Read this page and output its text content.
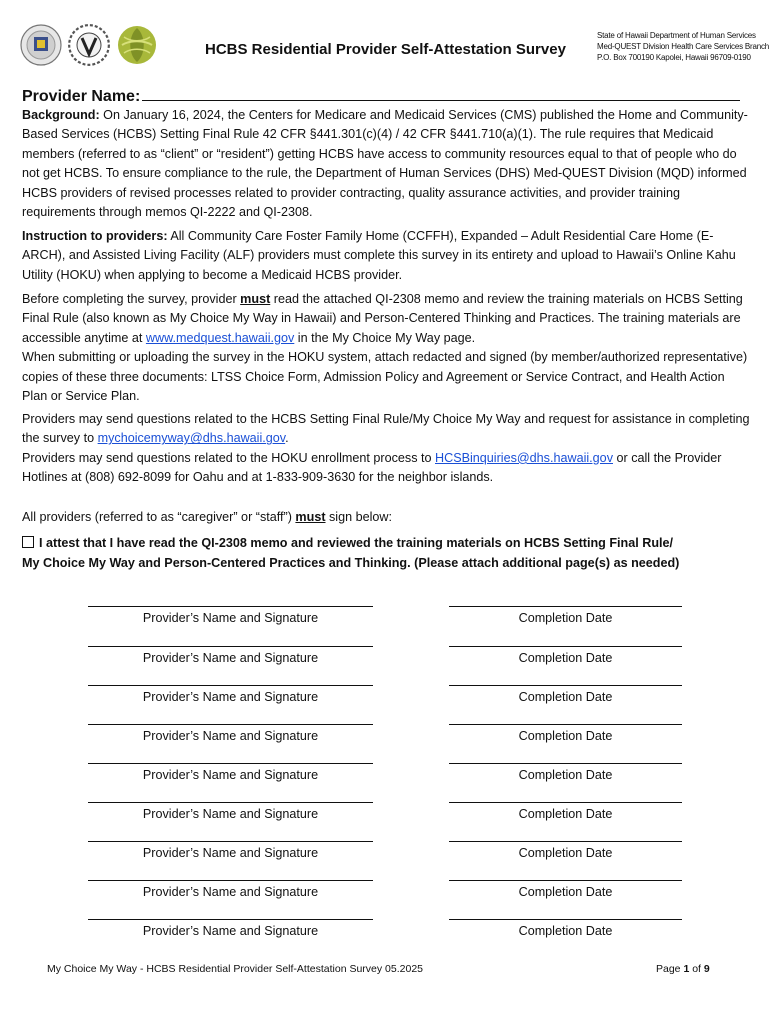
HCBS Residential Provider Self-Attestation Survey
State of Hawaii Department of Human Services
Med-QUEST Division Health Care Services Branch
P.O. Box 700190 Kapolei, Hawaii 96709-0190
Provider Name:
Background: On January 16, 2024, the Centers for Medicare and Medicaid Services (CMS) published the Home and Community-Based Services (HCBS) Setting Final Rule 42 CFR §441.301(c)(4) / 42 CFR §441.710(a)(1). The rule requires that Medicaid members (referred to as “client” or “resident”) getting HCBS have access to community resources equal to that of people who do not get HCBS. To ensure compliance to the rule, the Department of Human Services (DHS) Med-QUEST Division (MQD) informed HCBS providers of revised processes related to provider contracting, quality assurance activities, and provider training requirements through memos QI-2222 and QI-2308.
Instruction to providers: All Community Care Foster Family Home (CCFFH), Expanded – Adult Residential Care Home (E-ARCH), and Assisted Living Facility (ALF) providers must complete this survey in its entirety and upload to Hawaii’s Online Kahu Utility (HOKU) when applying to become a Medicaid HCBS provider.
Before completing the survey, provider must read the attached QI-2308 memo and review the training materials on HCBS Setting Final Rule (also known as My Choice My Way in Hawaii) and Person-Centered Thinking and Practices. The training materials are accessible anytime at www.medquest.hawaii.gov in the My Choice My Way page.
When submitting or uploading the survey in the HOKU system, attach redacted and signed (by member/authorized representative) copies of these three documents: LTSS Choice Form, Admission Policy and Agreement or Service Contract, and Health Action Plan or Service Plan.
Providers may send questions related to the HCBS Setting Final Rule/My Choice My Way and request for assistance in completing the survey to mychoicemyway@dhs.hawaii.gov.
Providers may send questions related to the HOKU enrollment process to HCSBinquiries@dhs.hawaii.gov or call the Provider Hotlines at (808) 692-8099 for Oahu and at 1-833-909-3630 for the neighbor islands.
All providers (referred to as “caregiver” or “staff”) must sign below:
I attest that I have read the QI-2308 memo and reviewed the training materials on HCBS Setting Final Rule/
My Choice My Way and Person-Centered Practices and Thinking. (Please attach additional page(s) as needed)
Provider’s Name and Signature	Completion Date
Provider’s Name and Signature	Completion Date
Provider’s Name and Signature	Completion Date
Provider’s Name and Signature	Completion Date
Provider’s Name and Signature	Completion Date
Provider’s Name and Signature	Completion Date
Provider’s Name and Signature	Completion Date
Provider’s Name and Signature	Completion Date
Provider’s Name and Signature	Completion Date
My Choice My Way - HCBS Residential Provider Self-Attestation Survey 05.2025	Page 1 of 9
